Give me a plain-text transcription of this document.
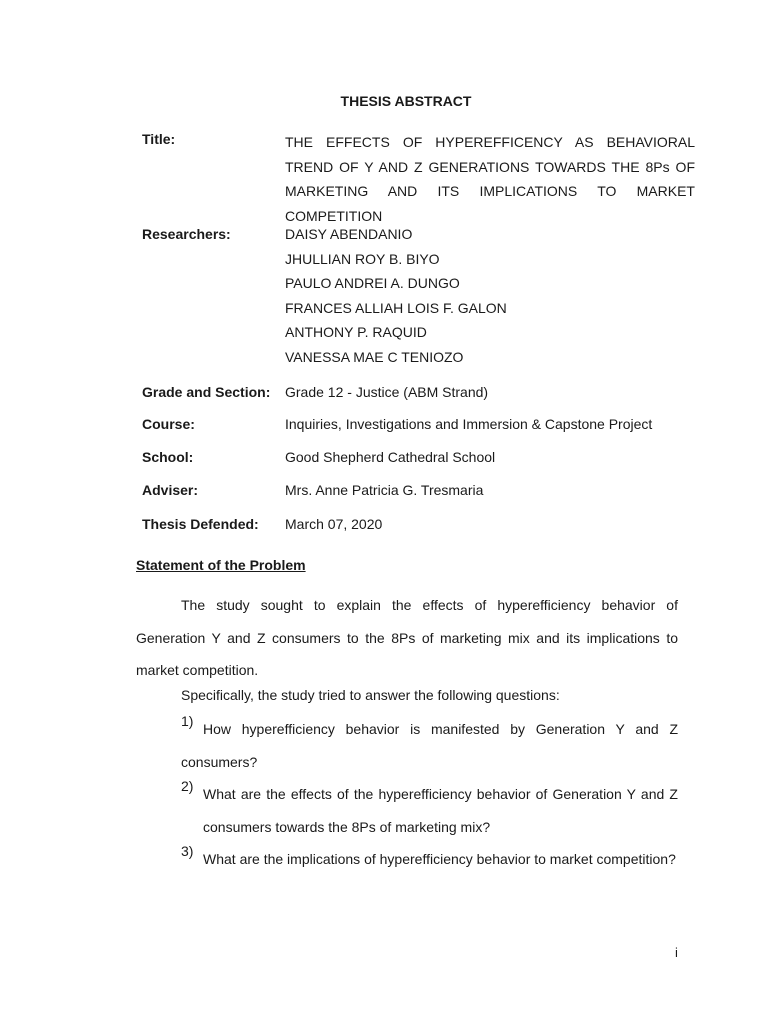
THESIS ABSTRACT
Title:	THE EFFECTS OF HYPEREFFICENCY AS BEHAVIORAL
TREND OF Y AND Z GENERATIONS TOWARDS THE 8Ps OF
MARKETING AND ITS IMPLICATIONS TO MARKET
COMPETITION
Researchers:	DAISY ABENDANIO
JHULLIAN ROY B. BIYO
PAULO ANDREI A. DUNGO
FRANCES ALLIAH LOIS F. GALON
ANTHONY P. RAQUID
VANESSA MAE C TENIOZO
Grade and Section: Grade 12 - Justice (ABM Strand)
Course:	Inquiries, Investigations and Immersion & Capstone Project
School:	Good Shepherd Cathedral School
Adviser:	Mrs. Anne Patricia G. Tresmaria
Thesis Defended: March 07, 2020
Statement of the Problem

The study sought to explain the effects of hyperefficiency behavior of Generation Y and Z consumers to the 8Ps of marketing mix and its implications to market competition.

Specifically, the study tried to answer the following questions:

1) How hyperefficiency behavior is manifested by Generation Y and Z consumers?

2) What are the effects of the hyperefficiency behavior of Generation Y and Z consumers towards the 8Ps of marketing mix?

3) What are the implications of hyperefficiency behavior to market competition?

i
